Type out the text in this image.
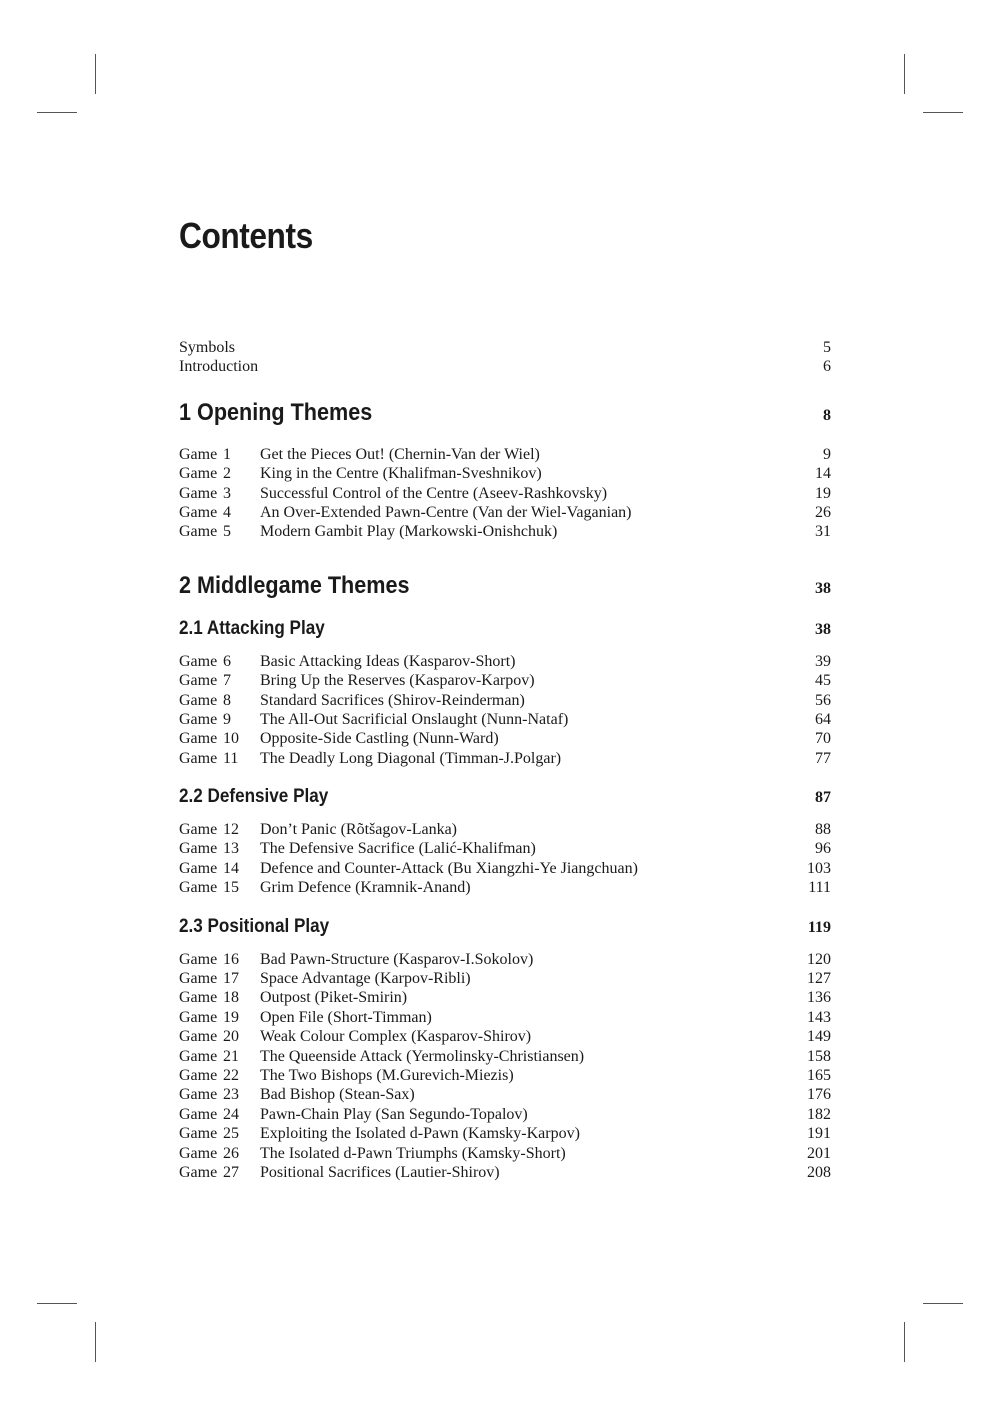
Contents
Symbols	5
Introduction	6
1 Opening Themes	8
Game 1	Get the Pieces Out! (Chernin-Van der Wiel)	9
Game 2	King in the Centre (Khalifman-Sveshnikov)	14
Game 3	Successful Control of the Centre (Aseev-Rashkovsky)	19
Game 4	An Over-Extended Pawn-Centre (Van der Wiel-Vaganian)	26
Game 5	Modern Gambit Play (Markowski-Onishchuk)	31
2 Middlegame Themes	38
2.1 Attacking Play	38
Game 6	Basic Attacking Ideas (Kasparov-Short)	39
Game 7	Bring Up the Reserves (Kasparov-Karpov)	45
Game 8	Standard Sacrifices (Shirov-Reinderman)	56
Game 9	The All-Out Sacrificial Onslaught (Nunn-Nataf)	64
Game 10	Opposite-Side Castling (Nunn-Ward)	70
Game 11	The Deadly Long Diagonal (Timman-J.Polgar)	77
2.2 Defensive Play	87
Game 12	Don’t Panic (Rõtšagov-Lanka)	88
Game 13	The Defensive Sacrifice (Lalić-Khalifman)	96
Game 14	Defence and Counter-Attack (Bu Xiangzhi-Ye Jiangchuan)	103
Game 15	Grim Defence (Kramnik-Anand)	111
2.3 Positional Play	119
Game 16	Bad Pawn-Structure (Kasparov-I.Sokolov)	120
Game 17	Space Advantage (Karpov-Ribli)	127
Game 18	Outpost (Piket-Smirin)	136
Game 19	Open File (Short-Timman)	143
Game 20	Weak Colour Complex (Kasparov-Shirov)	149
Game 21	The Queenside Attack (Yermolinsky-Christiansen)	158
Game 22	The Two Bishops (M.Gurevich-Miezis)	165
Game 23	Bad Bishop (Stean-Sax)	176
Game 24	Pawn-Chain Play (San Segundo-Topalov)	182
Game 25	Exploiting the Isolated d-Pawn (Kamsky-Karpov)	191
Game 26	The Isolated d-Pawn Triumphs (Kamsky-Short)	201
Game 27	Positional Sacrifices (Lautier-Shirov)	208
